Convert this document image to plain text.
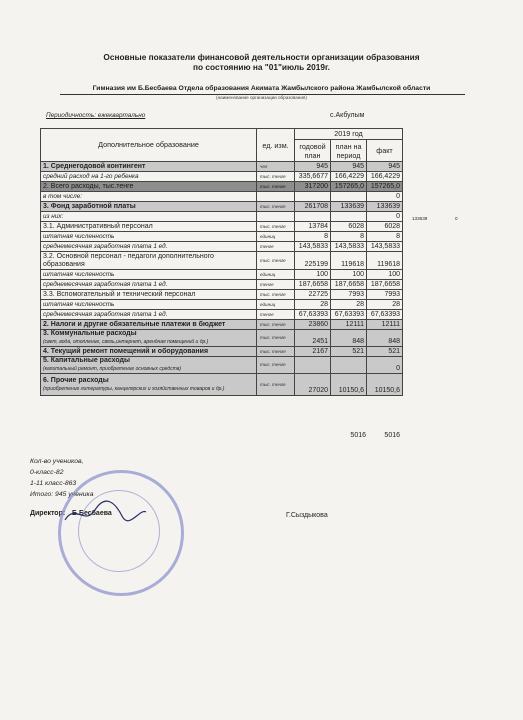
Основные показатели финансовой деятельности организации образования
по состоянию на "01"июль 2019г.
Гимназия им Б.Бесбаева Отдела образования Акимата Жамбылского района Жамбылской области
(наименование организации образования)
Периодичность: ежеквартально	с.Акбулым
Дополнительное образование	ед. изм.	2019 год		
		годовой план	план на период	факт
1. Среднегодовой контингент	чел	945	945	945
средний расход на 1-го ребенка	тыс. тенге	335,6677	166,4229	166,4229
2. Всего расходы, тыс.тенге	тыс. тенге	317200	157265,0	157265,0
в том числе:				0
3. Фонд заработной платы	тыс. тенге	261708	133639	133639
из них:				0
3.1. Административный персонал	тыс. тенге	13784	6028	6028
штатная численность	единиц	8	8	8
среднемесячная заработная плата 1 ед.	тенге	143,5833	143,5833	143,5833
3.2. Основной персонал - педагоги дополнительного образования	тыс. тенге	225199	119618	119618
штатная численность	единиц	100	100	100
среднемесячная заработная плата 1 ед.	тенге	187,6658	187,6658	187,6658
3.3. Вспомогательный и технический персонал	тыс. тенге	22725	7993	7993
штатная численность	единиц	28	28	28
среднемесячная заработная плата 1 ед.	тенге	67,63393	67,63393	67,63393
2. Налоги и другие обязательные платежи в бюджет	тыс. тенге	23860	12111	12111
3. Коммунальные расходы
(свет, вода, отопление, связь,интернет, арендная помещений и др.)	тыс. тенге	2451	848	848
4. Текущий ремонт помещений и оборудования	тыс. тенге	2167	521	521
5. Капитальные расходы
(капитальный ремонт, приобретение основных средств)	тыс. тенге			0
6. Прочие расходы
(приобретение литературы, канцелярских и хозяйственных товаров и др.)	тыс. тенге	27020	10150,6	10150,6
5016	5016
133639	0
Кол-во учеников,
0-класс-82
1-11 класс-863
Итого: 945 ученика
Директор: Б.Бесбаева	Г.Сыздыкова
